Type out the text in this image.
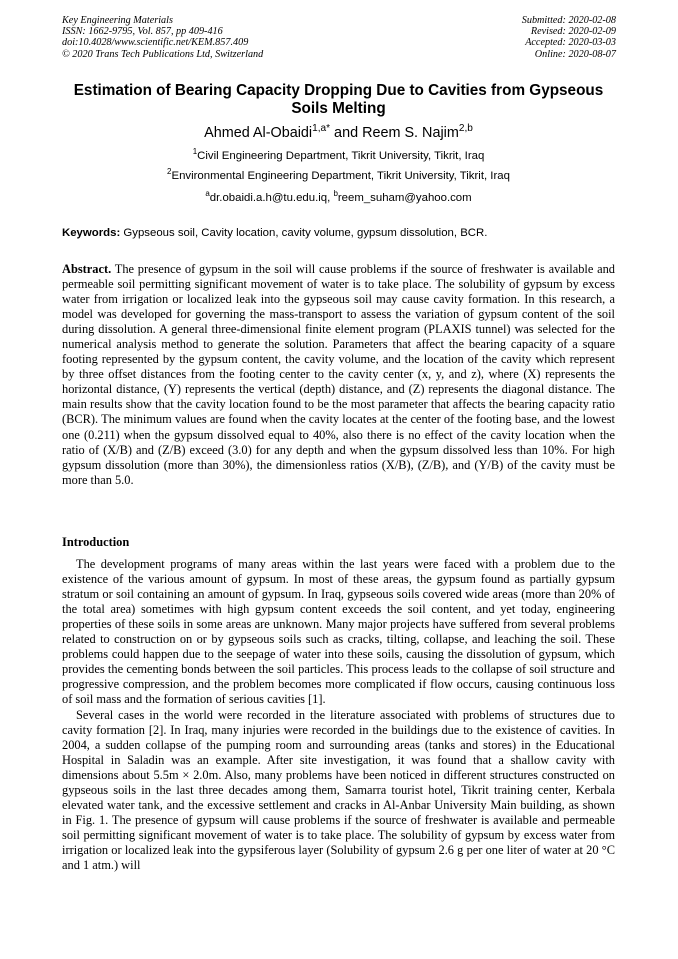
Key Engineering Materials
ISSN: 1662-9795, Vol. 857, pp 409-416
doi:10.4028/www.scientific.net/KEM.857.409
© 2020 Trans Tech Publications Ltd, Switzerland
Submitted: 2020-02-08
Revised: 2020-02-09
Accepted: 2020-03-03
Online: 2020-08-07
Estimation of Bearing Capacity Dropping Due to Cavities from Gypseous Soils Melting
Ahmed Al-Obaidi$^{1,a*}$ and Reem S. Najim$^{2,b}$
$^1$Civil Engineering Department, Tikrit University, Tikrit, Iraq
$^2$Environmental Engineering Department, Tikrit University, Tikrit, Iraq
$^a$dr.obaidi.a.h@tu.edu.iq, $^b$reem_suham@yahoo.com
Keywords: Gypseous soil, Cavity location, cavity volume, gypsum dissolution, BCR.

Abstract. The presence of gypsum in the soil will cause problems if the source of freshwater is available and permeable soil permitting significant movement of water is to take place. The solubility of gypsum by excess water from irrigation or localized leak into the gypseous soil may cause cavity formation. In this research, a model was developed for governing the mass-transport to assess the variation of gypsum content of the soil during dissolution. A general three-dimensional finite element program (PLAXIS tunnel) was selected for the numerical analysis method to generate the solution. Parameters that affect the bearing capacity of a square footing represented by the gypsum content, the cavity volume, and the location of the cavity which represent by three offset distances from the footing center to the cavity center (x, y, and z), where (X) represents the horizontal distance, (Y) represents the vertical (depth) distance, and (Z) represents the diagonal distance. The main results show that the cavity location found to be the most parameter that affects the bearing capacity ratio (BCR). The minimum values are found when the cavity locates at the center of the footing base, and the lowest one (0.211) when the gypsum dissolved equal to 40%, also there is no effect of the cavity location when the ratio of (X/B) and (Z/B) exceed (3.0) for any depth and when the gypsum dissolved less than 10%. For high gypsum dissolution (more than 30%), the dimensionless ratios (X/B), (Z/B), and (Y/B) of the cavity must be more than 5.0.

Introduction

The development programs of many areas within the last years were faced with a problem due to the existence of the various amount of gypsum. In most of these areas, the gypsum found as partially gypsum stratum or soil containing an amount of gypsum. In Iraq, gypseous soils covered wide areas (more than 20% of the total area) sometimes with high gypsum content exceeds the soil content, and yet today, engineering properties of these soils in some areas are unknown. Many major projects have suffered from several problems related to construction on or by gypseous soils such as cracks, tilting, collapse, and leaching the soil. These problems could happen due to the seepage of water into these soils, causing the dissolution of gypsum, which provides the cementing bonds between the soil particles. This process leads to the collapse of soil structure and progressive compression, and the problem becomes more complicated if flow occurs, causing continuous loss of soil mass and the formation of serious cavities [1].

Several cases in the world were recorded in the literature associated with problems of structures due to cavity formation [2]. In Iraq, many injuries were recorded in the buildings due to the existence of cavities. In 2004, a sudden collapse of the pumping room and surrounding areas (tanks and stores) in the Educational Hospital in Saladin was an example. After site investigation, it was found that a shallow cavity with dimensions about 5.5m × 2.0m. Also, many problems have been noticed in different structures constructed on gypseous soils in the last three decades among them, Samarra tourist hotel, Tikrit training center, Kerbala elevated water tank, and the excessive settlement and cracks in Al-Anbar University Main building, as shown in Fig. 1. The presence of gypsum will cause problems if the source of freshwater is available and permeable soil permitting significant movement of water is to take place. The solubility of gypsum by excess water from irrigation or localized leak into the gypsiferous layer (Solubility of gypsum 2.6 g per one liter of water at 20 °C and 1 atm.) will
